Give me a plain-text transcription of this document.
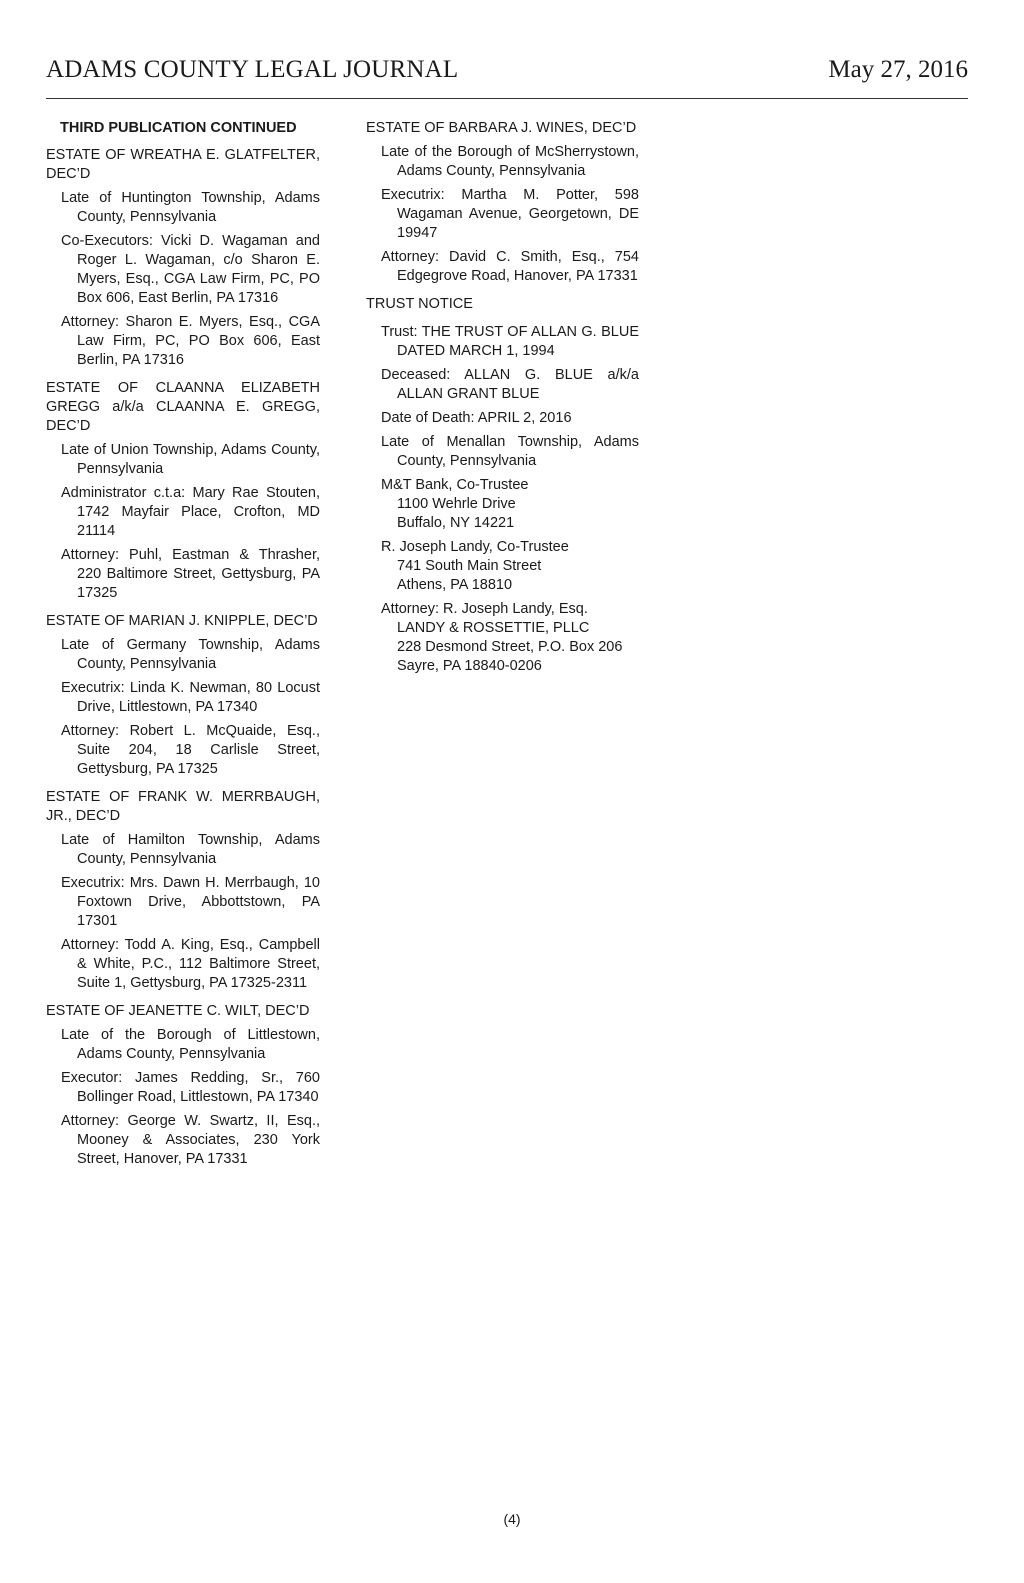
ADAMS COUNTY LEGAL JOURNAL	May 27, 2016
THIRD PUBLICATION CONTINUED
ESTATE OF WREATHA E. GLATFELTER, DEC’D
Late of Huntington Township, Adams County, Pennsylvania
Co-Executors: Vicki D. Wagaman and Roger L. Wagaman, c/o Sharon E. Myers, Esq., CGA Law Firm, PC, PO Box 606, East Berlin, PA 17316
Attorney: Sharon E. Myers, Esq., CGA Law Firm, PC, PO Box 606, East Berlin, PA 17316
ESTATE OF CLAANNA ELIZABETH GREGG a/k/a CLAANNA E. GREGG, DEC’D
Late of Union Township, Adams County, Pennsylvania
Administrator c.t.a: Mary Rae Stouten, 1742 Mayfair Place, Crofton, MD 21114
Attorney: Puhl, Eastman & Thrasher, 220 Baltimore Street, Gettysburg, PA 17325
ESTATE OF MARIAN J. KNIPPLE, DEC’D
Late of Germany Township, Adams County, Pennsylvania
Executrix: Linda K. Newman, 80 Locust Drive, Littlestown, PA 17340
Attorney: Robert L. McQuaide, Esq., Suite 204, 18 Carlisle Street, Gettysburg, PA 17325
ESTATE OF FRANK W. MERRBAUGH, JR., DEC’D
Late of Hamilton Township, Adams County, Pennsylvania
Executrix: Mrs. Dawn H. Merrbaugh, 10 Foxtown Drive, Abbottstown, PA 17301
Attorney: Todd A. King, Esq., Campbell & White, P.C., 112 Baltimore Street, Suite 1, Gettysburg, PA 17325-2311
ESTATE OF JEANETTE C. WILT, DEC’D
Late of the Borough of Littlestown, Adams County, Pennsylvania
Executor: James Redding, Sr., 760 Bollinger Road, Littlestown, PA 17340
Attorney: George W. Swartz, II, Esq., Mooney & Associates, 230 York Street, Hanover, PA 17331
ESTATE OF BARBARA J. WINES, DEC’D
Late of the Borough of McSherrystown, Adams County, Pennsylvania
Executrix: Martha M. Potter, 598 Wagaman Avenue, Georgetown, DE 19947
Attorney: David C. Smith, Esq., 754 Edgegrove Road, Hanover, PA 17331
TRUST NOTICE
Trust: THE TRUST OF ALLAN G. BLUE DATED MARCH 1, 1994
Deceased: ALLAN G. BLUE a/k/a ALLAN GRANT BLUE
Date of Death: APRIL 2, 2016
Late of Menallan Township, Adams County, Pennsylvania
M&T Bank, Co-Trustee
1100 Wehrle Drive
Buffalo, NY 14221
R. Joseph Landy, Co-Trustee
741 South Main Street
Athens, PA 18810
Attorney: R. Joseph Landy, Esq.
LANDY & ROSSETTIE, PLLC
228 Desmond Street, P.O. Box 206
Sayre, PA 18840-0206
(4)
